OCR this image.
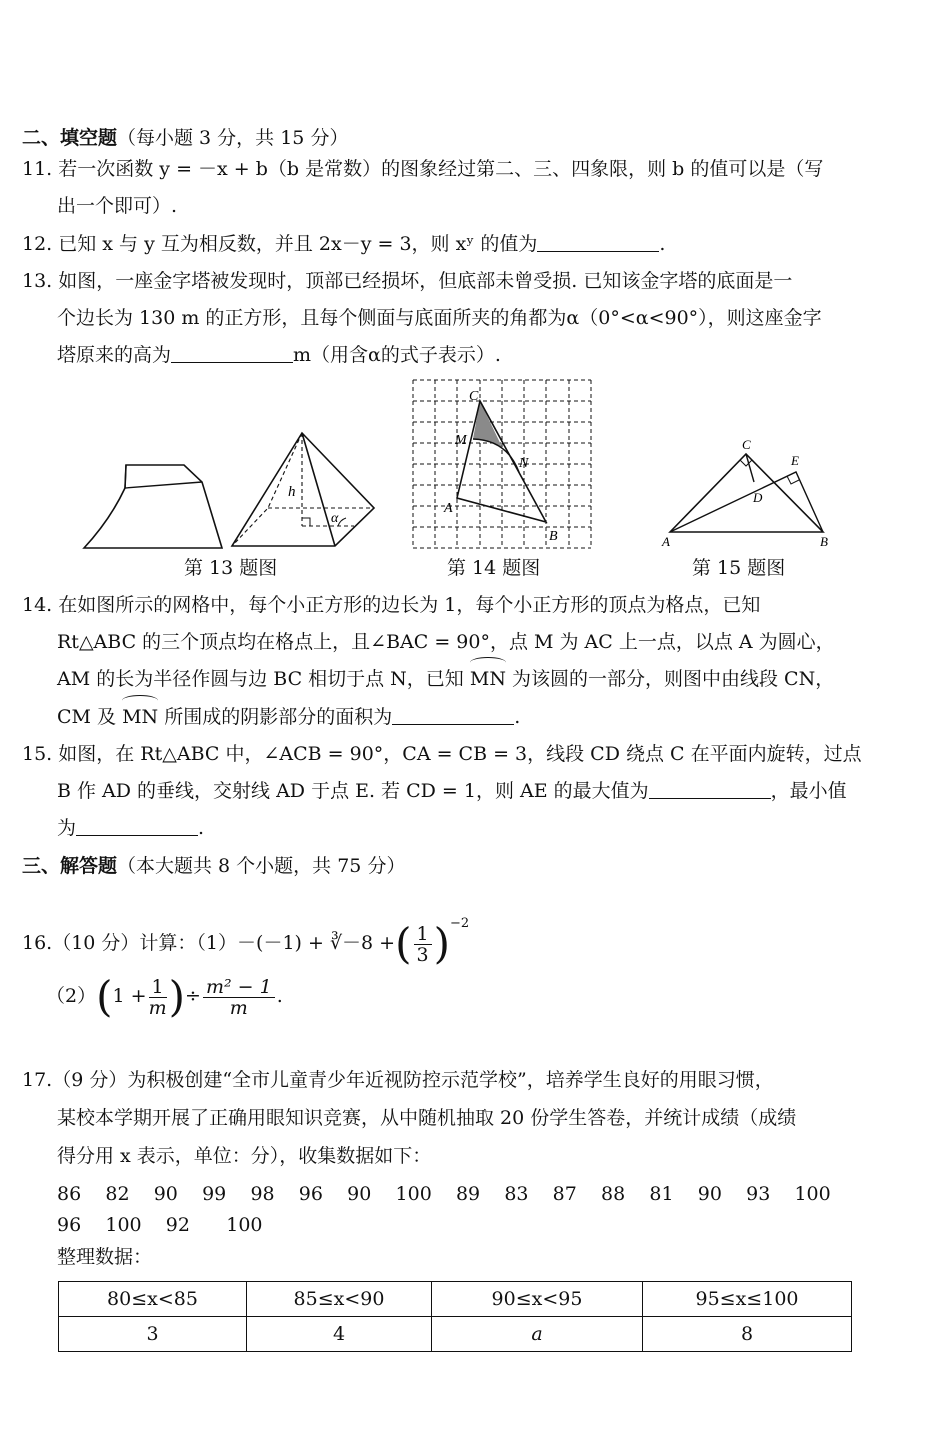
二、填空题（每小题 3 分，共 15 分）
11. 若一次函数 y = －x + b（b 是常数）的图象经过第二、三、四象限，则 b 的值可以是（写
出一个即可）.
12. 已知 x 与 y 互为相反数，并且 2x－y = 3，则 xʸ 的值为	.
13. 如图，一座金字塔被发现时，顶部已经损坏，但底部未曾受损. 已知该金字塔的底面是一
个边长为 130 m 的正方形，且每个侧面与底面所夹的角都为α（0°<α<90°），则这座金字
塔原来的高为	m（用含α的式子表示）.
h
α
第 13 题图
C
M
N
A
B
第 14 题图
C
E
D
A	B
第 15 题图
14. 在如图所示的网格中，每个小正方形的边长为 1，每个小正方形的顶点为格点，已知
Rt△ABC 的三个顶点均在格点上，且∠BAC = 90°，点 M 为 AC 上一点，以点 A 为圆心，
AM 的长为半径作圆与边 BC 相切于点 N，已知 MN 为该圆的一部分，则图中由线段 CN，
CM 及 MN 所围成的阴影部分的面积为	.
15. 如图，在 Rt△ABC 中，∠ACB = 90°，CA = CB = 3，线段 CD 绕点 C 在平面内旋转，过点
B 作 AD 的垂线，交射线 AD 于点 E. 若 CD = 1，则 AE 的最大值为	，最小值
为	.
三、解答题（本大题共 8 个小题，共 75 分）
16.（10 分）计算：（1）－(－1) + ∛－8 +( $\frac{1}{3} )^{-2}$
$(2)(1 + \frac{1}{m}$ )÷ $\frac{\text{m² − 1}}{m}$ .
17.（9 分）为积极创建“全市儿童青少年近视防控示范学校”，培养学生良好的用眼习惯，
某校本学期开展了正确用眼知识竞赛，从中随机抽取 20 份学生答卷，并统计成绩（成绩
得分用 x 表示，单位：分），收集数据如下：
86 82 90 99 98 96 90 100 89 83 87 88 81 90 93 100
96 100 92 100
整理数据：
80≤x<85	85≤x<90	90≤x<95	95≤x≤100
3	4	a	8
